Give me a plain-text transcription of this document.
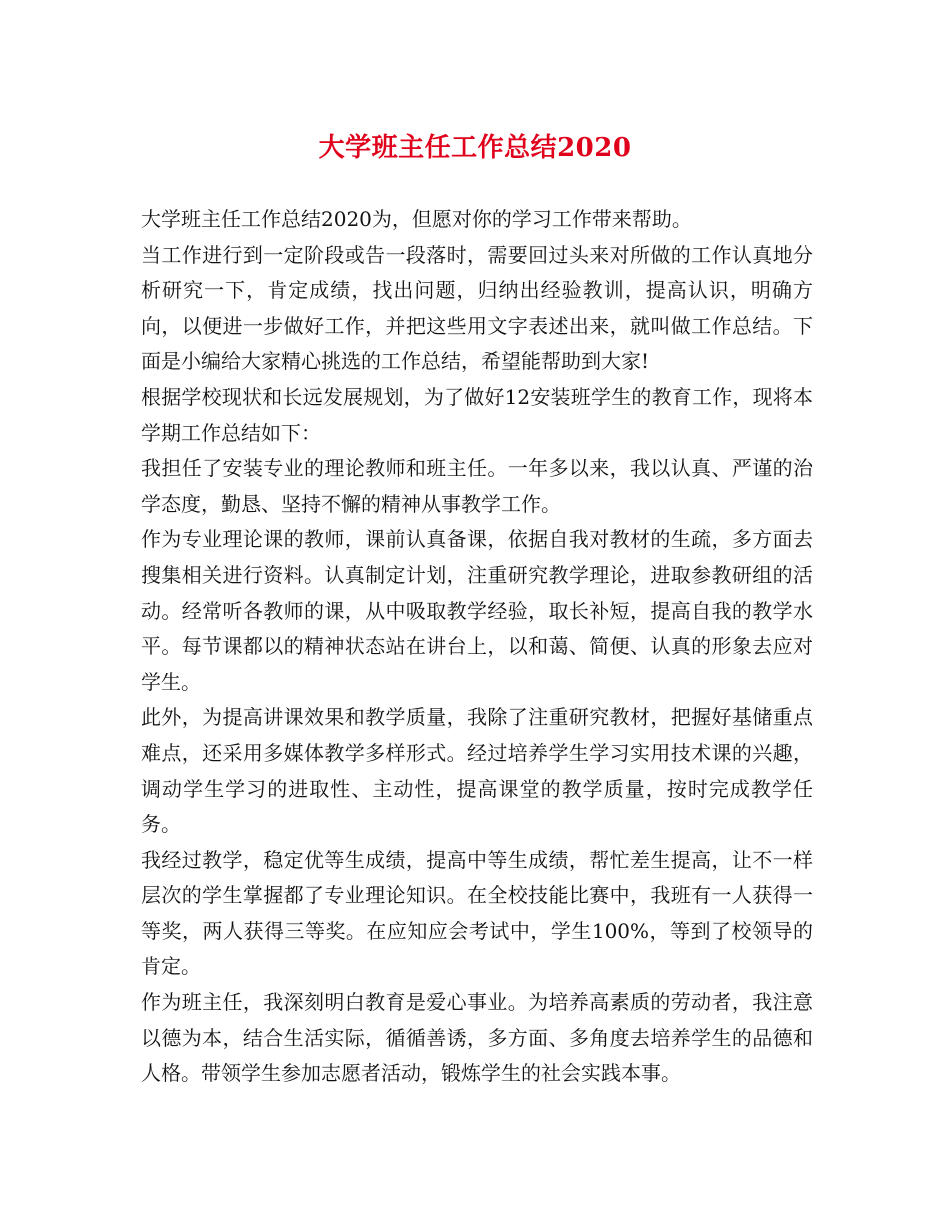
大学班主任工作总结2020

大学班主任工作总结2020为，但愿对你的学习工作带来帮助。

当工作进行到一定阶段或告一段落时，需要回过头来对所做的工作认真地分析研究一下，肯定成绩，找出问题，归纳出经验教训，提高认识，明确方向，以便进一步做好工作，并把这些用文字表述出来，就叫做工作总结。下面是小编给大家精心挑选的工作总结，希望能帮助到大家!

根据学校现状和长远发展规划，为了做好12安装班学生的教育工作，现将本学期工作总结如下：

我担任了安装专业的理论教师和班主任。一年多以来，我以认真、严谨的治学态度，勤恳、坚持不懈的精神从事教学工作。

作为专业理论课的教师，课前认真备课，依据自我对教材的生疏，多方面去搜集相关进行资料。认真制定计划，注重研究教学理论，进取参教研组的活动。经常听各教师的课，从中吸取教学经验，取长补短，提高自我的教学水平。每节课都以的精神状态站在讲台上，以和蔼、简便、认真的形象去应对学生。

此外，为提高讲课效果和教学质量，我除了注重研究教材，把握好基储重点难点，还采用多媒体教学多样形式。经过培养学生学习实用技术课的兴趣，调动学生学习的进取性、主动性，提高课堂的教学质量，按时完成教学任务。

我经过教学，稳定优等生成绩，提高中等生成绩，帮忙差生提高，让不一样层次的学生掌握都了专业理论知识。在全校技能比赛中，我班有一人获得一等奖，两人获得三等奖。在应知应会考试中，学生100%，等到了校领导的肯定。

作为班主任，我深刻明白教育是爱心事业。为培养高素质的劳动者，我注意以德为本，结合生活实际，循循善诱，多方面、多角度去培养学生的品德和人格。带领学生参加志愿者活动，锻炼学生的社会实践本事。
